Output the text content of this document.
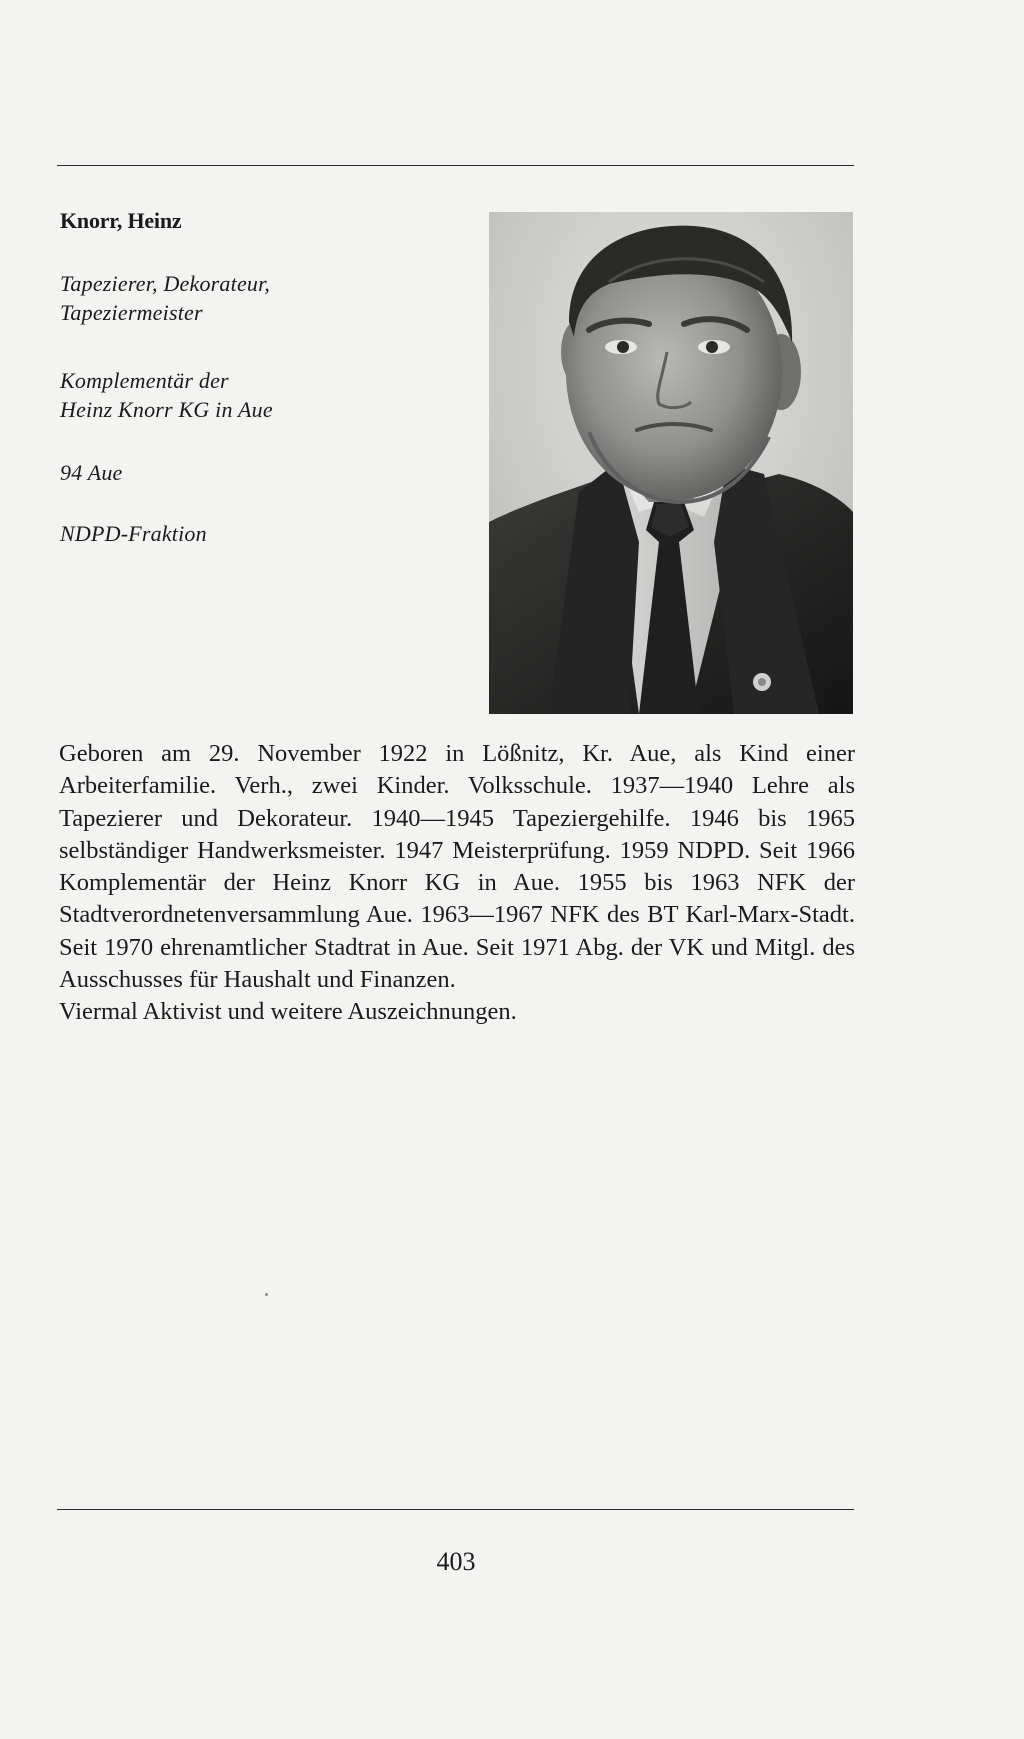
Knorr, Heinz
Tapezierer, Dekorateur,
Tapeziermeister
Komplementär der
Heinz Knorr KG in Aue
94 Aue
NDPD-Fraktion
Geboren am 29. November 1922 in Lößnitz, Kr. Aue, als Kind einer Arbeiterfamilie. Verh., zwei Kinder. Volksschule. 1937—1940 Lehre als Tapezierer und Dekorateur. 1940—1945 Tapeziergehilfe. 1946 bis 1965 selbständiger Handwerksmeister. 1947 Meisterprüfung. 1959 NDPD. Seit 1966 Komplementär der Heinz Knorr KG in Aue. 1955 bis 1963 NFK der Stadtverordnetenversammlung Aue. 1963—1967 NFK des BT Karl-Marx-Stadt. Seit 1970 ehrenamtlicher Stadtrat in Aue. Seit 1971 Abg. der VK und Mitgl. des Ausschusses für Haushalt und Finanzen.
Viermal Aktivist und weitere Auszeichnungen.
403
